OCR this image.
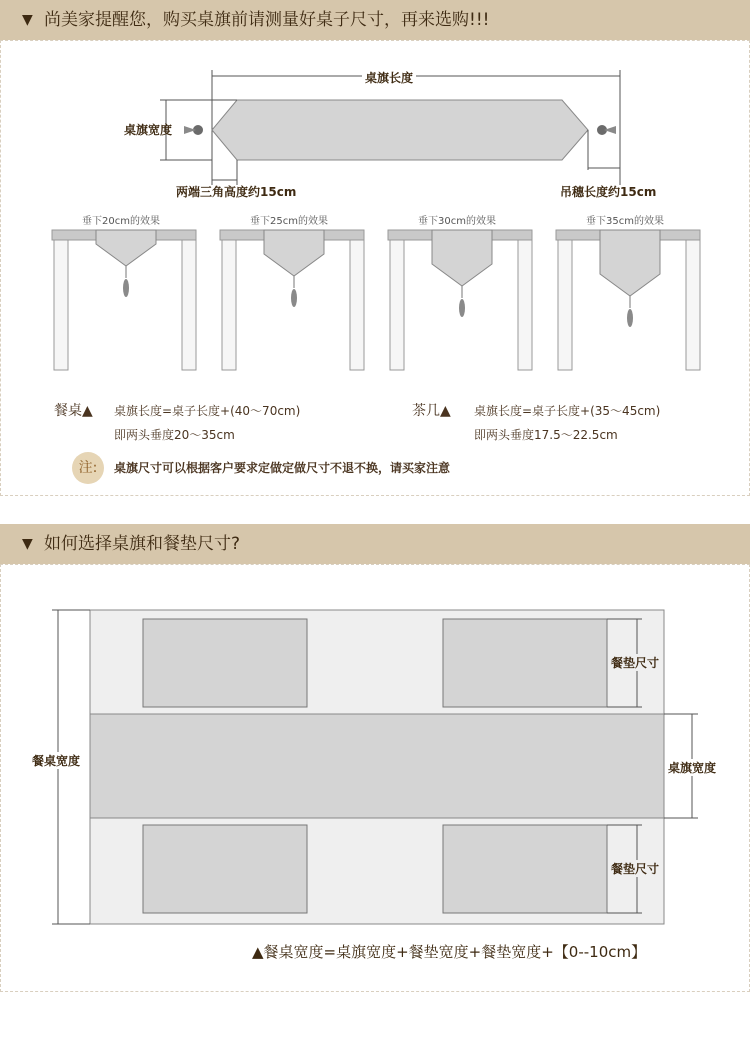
▼ 尚美家提醒您，购买桌旗前请测量好桌子尺寸，再来选购!!!
桌旗长度
桌旗宽度
两端三角高度约15cm	吊穗长度约15cm
垂下20cm的效果	垂下25cm的效果	垂下30cm的效果	垂下35cm的效果
餐桌▲ 桌旗长度=桌子长度+(40～70cm)
即两头垂度20～35cm
茶几▲ 桌旗长度=桌子长度+(35～45cm)
即两头垂度17.5～22.5cm
注:	桌旗尺寸可以根据客户要求定做定做尺寸不退不换，请买家注意
▼ 如何选择桌旗和餐垫尺寸?
餐桌宽度	桌旗宽度
餐垫尺寸
餐垫尺寸
▲餐桌宽度=桌旗宽度+餐垫宽度+餐垫宽度+【0--10cm】
